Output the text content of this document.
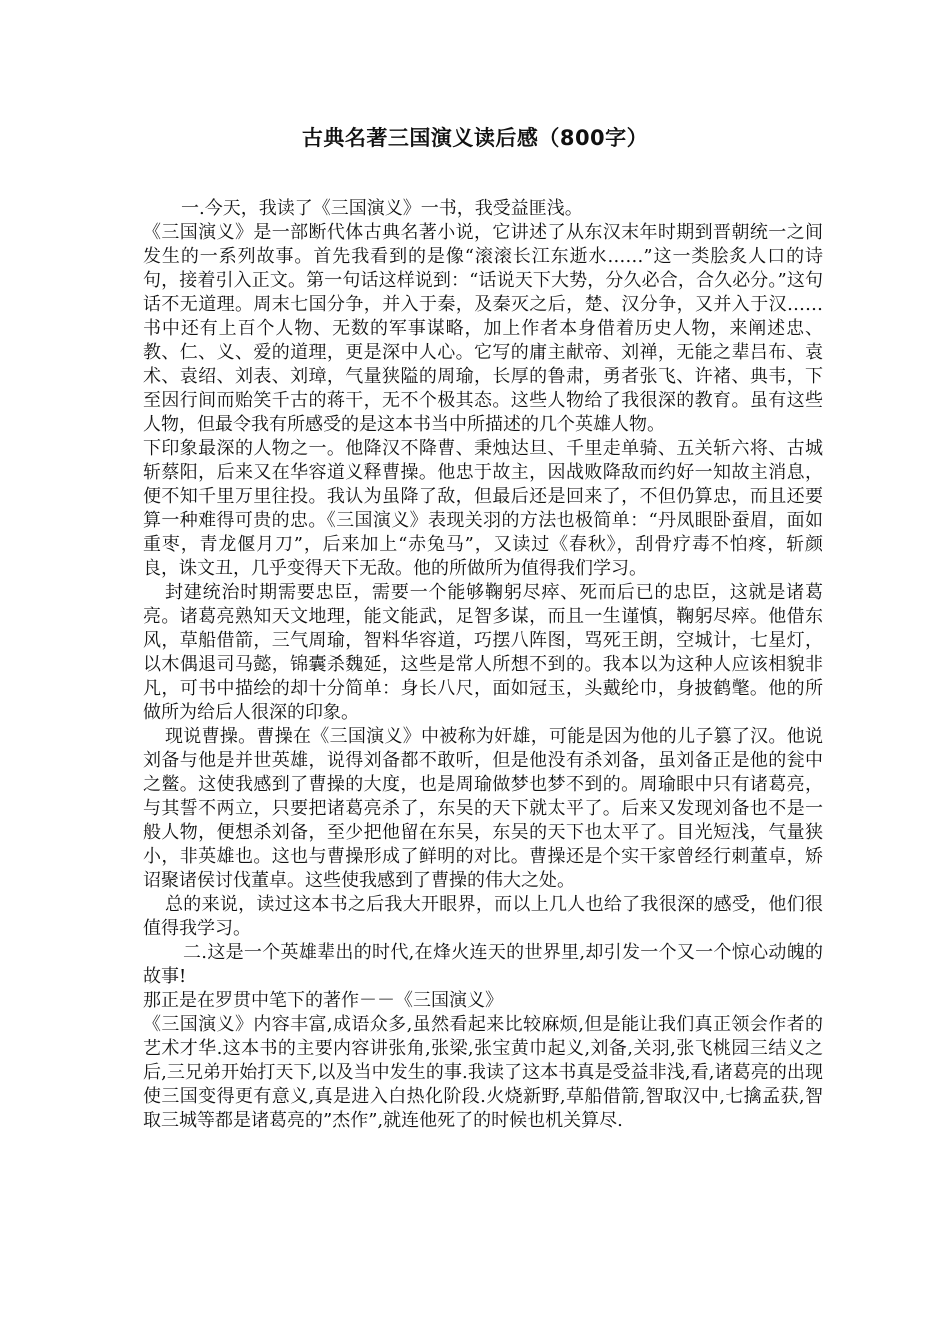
古典名著三国演义读后感（800字）

一.今天，我读了《三国演义》一书，我受益匪浅。

《三国演义》是一部断代体古典名著小说，它讲述了从东汉末年时期到晋朝统一之间发生的一系列故事。首先我看到的是像“滚滚长江东逝水……”这一类脍炙人口的诗句，接着引入正文。第一句话这样说到：“话说天下大势，分久必合，合久必分。”这句话不无道理。周末七国分争，并入于秦，及秦灭之后，楚、汉分争，又并入于汉……书中还有上百个人物、无数的军事谋略，加上作者本身借着历史人物，来阐述忠、教、仁、义、爱的道理，更是深中人心。它写的庸主献帝、刘禅，无能之辈吕布、袁术、袁绍、刘表、刘璋，气量狭隘的周瑜，长厚的鲁肃，勇者张飞、许褚、典韦，下至因行间而贻笑千古的蒋干，无不个极其态。这些人物给了我很深的教育。虽有这些人物，但最令我有所感受的是这本书当中所描述的几个英雄人物。

下印象最深的人物之一。他降汉不降曹、秉烛达旦、千里走单骑、五关斩六将、古城斩蔡阳，后来又在华容道义释曹操。他忠于故主，因战败降敌而约好一知故主消息，便不知千里万里往投。我认为虽降了敌，但最后还是回来了，不但仍算忠，而且还要算一种难得可贵的忠。《三国演义》表现关羽的方法也极简单：“丹凤眼卧蚕眉，面如重枣，青龙偃月刀”，后来加上“赤兔马”，又读过《春秋》，刮骨疗毒不怕疼，斩颜良，诛文丑，几乎变得天下无敌。他的所做所为值得我们学习。

封建统治时期需要忠臣，需要一个能够鞠躬尽瘁、死而后已的忠臣，这就是诸葛亮。诸葛亮熟知天文地理，能文能武，足智多谋，而且一生谨慎，鞠躬尽瘁。他借东风，草船借箭，三气周瑜，智料华容道，巧摆八阵图，骂死王朗，空城计，七星灯，以木偶退司马懿，锦囊杀魏延，这些是常人所想不到的。我本以为这种人应该相貌非凡，可书中描绘的却十分简单：身长八尺，面如冠玉，头戴纶巾，身披鹤氅。他的所做所为给后人很深的印象。

现说曹操。曹操在《三国演义》中被称为奸雄，可能是因为他的儿子篡了汉。他说刘备与他是并世英雄，说得刘备都不敢听，但是他没有杀刘备，虽刘备正是他的瓮中之鳖。这使我感到了曹操的大度，也是周瑜做梦也梦不到的。周瑜眼中只有诸葛亮，与其誓不两立，只要把诸葛亮杀了，东吴的天下就太平了。后来又发现刘备也不是一般人物，便想杀刘备，至少把他留在东吴，东吴的天下也太平了。目光短浅，气量狭小，非英雄也。这也与曹操形成了鲜明的对比。曹操还是个实干家曾经行刺董卓，矫诏聚诸侯讨伐董卓。这些使我感到了曹操的伟大之处。

总的来说，读过这本书之后我大开眼界，而以上几人也给了我很深的感受，他们很值得我学习。

二.这是一个英雄辈出的时代,在烽火连天的世界里,却引发一个又一个惊心动魄的故事!

那正是在罗贯中笔下的著作－－《三国演义》

《三国演义》内容丰富,成语众多,虽然看起来比较麻烦,但是能让我们真正领会作者的艺术才华.这本书的主要内容讲张角,张梁,张宝黄巾起义,刘备,关羽,张飞桃园三结义之后,三兄弟开始打天下,以及当中发生的事.我读了这本书真是受益非浅,看,诸葛亮的出现使三国变得更有意义,真是进入白热化阶段.火烧新野,草船借箭,智取汉中,七擒孟获,智取三城等都是诸葛亮的”杰作”,就连他死了的时候也机关算尽.
